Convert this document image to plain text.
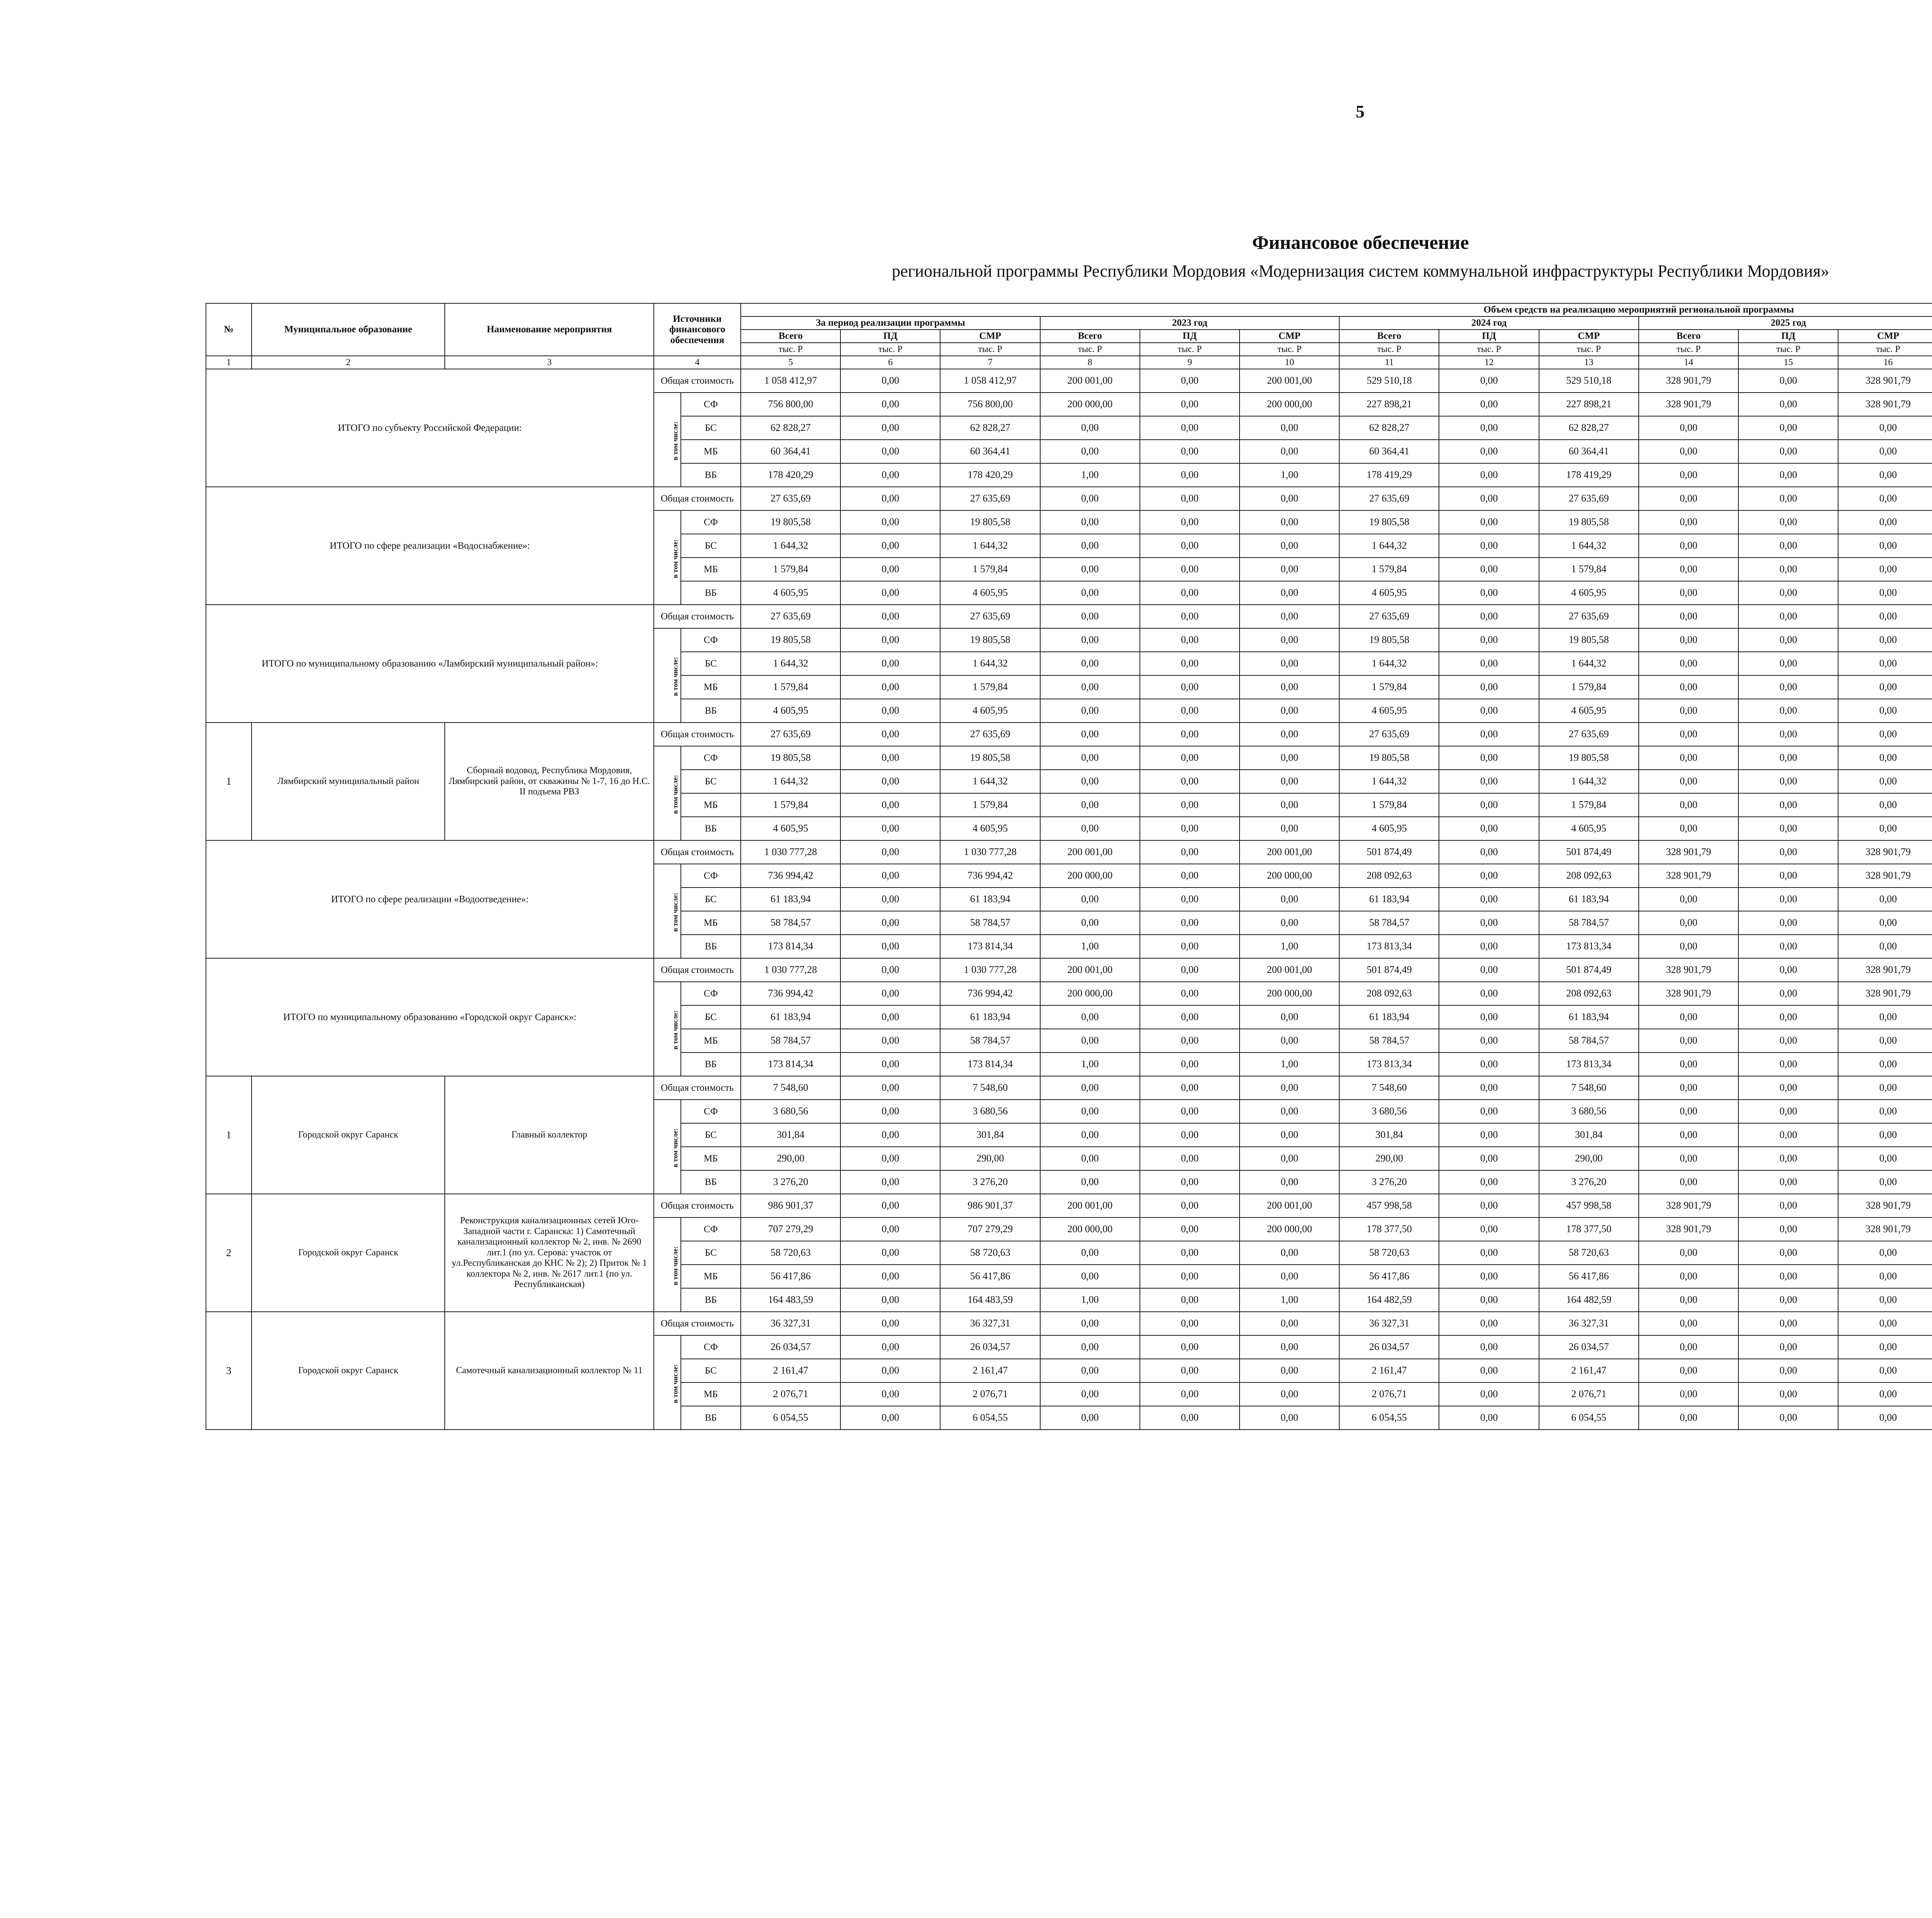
5
Финансовое обеспечение
региональной программы Республики Мордовия «Модернизация систем коммунальной инфраструктуры Республики Мордовия»
№	Муниципальное образование	Наименование мероприятия	Источники финансового обеспечения		Объем средств на реализацию мероприятий региональной программы																	
					За период реализации программы			2023 год			2024 год			2025 год		
					Всего	ПД	СМР	Всего	ПД	СМР	Всего	ПД	СМР	Всего	ПД	СМР						
					тыс. Р	тыс. Р	тыс. Р	тыс. Р	тыс. Р	тыс. Р	тыс. Р	тыс. Р	тыс. Р	тыс. Р	тыс. Р	тыс. Р						
1	2	3	4		5	6	7	8	9	10	11	12	13	14	15	16						
ИТОГО по субъекту Российской Федерации:			Общая стоимость		1 058 412,97	0,00	1 058 412,97	200 001,00	0,00	200 001,00	529 510,18	0,00	529 510,18	328 901,79	0,00	328 901,79						
			в том числе:	СФ	756 800,00	0,00	756 800,00	200 000,00	0,00	200 000,00	227 898,21	0,00	227 898,21	328 901,79	0,00	328 901,79						
				БС	62 828,27	0,00	62 828,27	0,00	0,00	0,00	62 828,27	0,00	62 828,27	0,00	0,00	0,00						
				МБ	60 364,41	0,00	60 364,41	0,00	0,00	0,00	60 364,41	0,00	60 364,41	0,00	0,00	0,00						
				ВБ	178 420,29	0,00	178 420,29	1,00	0,00	1,00	178 419,29	0,00	178 419,29	0,00	0,00	0,00						
ИТОГО по сфере реализации «Водоснабжение»:			Общая стоимость		27 635,69	0,00	27 635,69	0,00	0,00	0,00	27 635,69	0,00	27 635,69	0,00	0,00	0,00						
			в том числе:	СФ	19 805,58	0,00	19 805,58	0,00	0,00	0,00	19 805,58	0,00	19 805,58	0,00	0,00	0,00						
				БС	1 644,32	0,00	1 644,32	0,00	0,00	0,00	1 644,32	0,00	1 644,32	0,00	0,00	0,00						
				МБ	1 579,84	0,00	1 579,84	0,00	0,00	0,00	1 579,84	0,00	1 579,84	0,00	0,00	0,00						
				ВБ	4 605,95	0,00	4 605,95	0,00	0,00	0,00	4 605,95	0,00	4 605,95	0,00	0,00	0,00						
ИТОГО по муниципальному образованию «Ламбирский муниципальный район»:			Общая стоимость		27 635,69	0,00	27 635,69	0,00	0,00	0,00	27 635,69	0,00	27 635,69	0,00	0,00	0,00						
			в том числе:	СФ	19 805,58	0,00	19 805,58	0,00	0,00	0,00	19 805,58	0,00	19 805,58	0,00	0,00	0,00						
				БС	1 644,32	0,00	1 644,32	0,00	0,00	0,00	1 644,32	0,00	1 644,32	0,00	0,00	0,00						
				МБ	1 579,84	0,00	1 579,84	0,00	0,00	0,00	1 579,84	0,00	1 579,84	0,00	0,00	0,00						
				ВБ	4 605,95	0,00	4 605,95	0,00	0,00	0,00	4 605,95	0,00	4 605,95	0,00	0,00	0,00						
1	Лямбирский муниципальный район	Сборный водовод, Республика Мордовия, Лямбирский район, от скважины № 1-7, 16 до Н.С. II подъема РВЗ	Общая стоимость		27 635,69	0,00	27 635,69	0,00	0,00	0,00	27 635,69	0,00	27 635,69	0,00	0,00	0,00						
			в том числе:	СФ	19 805,58	0,00	19 805,58	0,00	0,00	0,00	19 805,58	0,00	19 805,58	0,00	0,00	0,00						
				БС	1 644,32	0,00	1 644,32	0,00	0,00	0,00	1 644,32	0,00	1 644,32	0,00	0,00	0,00						
				МБ	1 579,84	0,00	1 579,84	0,00	0,00	0,00	1 579,84	0,00	1 579,84	0,00	0,00	0,00						
				ВБ	4 605,95	0,00	4 605,95	0,00	0,00	0,00	4 605,95	0,00	4 605,95	0,00	0,00	0,00						
ИТОГО по сфере реализации «Водоотведение»:			Общая стоимость		1 030 777,28	0,00	1 030 777,28	200 001,00	0,00	200 001,00	501 874,49	0,00	501 874,49	328 901,79	0,00	328 901,79						
			в том числе:	СФ	736 994,42	0,00	736 994,42	200 000,00	0,00	200 000,00	208 092,63	0,00	208 092,63	328 901,79	0,00	328 901,79						
				БС	61 183,94	0,00	61 183,94	0,00	0,00	0,00	61 183,94	0,00	61 183,94	0,00	0,00	0,00						
				МБ	58 784,57	0,00	58 784,57	0,00	0,00	0,00	58 784,57	0,00	58 784,57	0,00	0,00	0,00						
				ВБ	173 814,34	0,00	173 814,34	1,00	0,00	1,00	173 813,34	0,00	173 813,34	0,00	0,00	0,00						
ИТОГО по муниципальному образованию «Городской округ Саранск»:			Общая стоимость		1 030 777,28	0,00	1 030 777,28	200 001,00	0,00	200 001,00	501 874,49	0,00	501 874,49	328 901,79	0,00	328 901,79						
			в том числе:	СФ	736 994,42	0,00	736 994,42	200 000,00	0,00	200 000,00	208 092,63	0,00	208 092,63	328 901,79	0,00	328 901,79						
				БС	61 183,94	0,00	61 183,94	0,00	0,00	0,00	61 183,94	0,00	61 183,94	0,00	0,00	0,00						
				МБ	58 784,57	0,00	58 784,57	0,00	0,00	0,00	58 784,57	0,00	58 784,57	0,00	0,00	0,00						
				ВБ	173 814,34	0,00	173 814,34	1,00	0,00	1,00	173 813,34	0,00	173 813,34	0,00	0,00	0,00						
1	Городской округ Саранск	Главный коллектор	Общая стоимость		7 548,60	0,00	7 548,60	0,00	0,00	0,00	7 548,60	0,00	7 548,60	0,00	0,00	0,00						
			в том числе:	СФ	3 680,56	0,00	3 680,56	0,00	0,00	0,00	3 680,56	0,00	3 680,56	0,00	0,00	0,00						
				БС	301,84	0,00	301,84	0,00	0,00	0,00	301,84	0,00	301,84	0,00	0,00	0,00						
				МБ	290,00	0,00	290,00	0,00	0,00	0,00	290,00	0,00	290,00	0,00	0,00	0,00						
				ВБ	3 276,20	0,00	3 276,20	0,00	0,00	0,00	3 276,20	0,00	3 276,20	0,00	0,00	0,00						
2	Городской округ Саранск	Реконструкция канализационных сетей Юго-Западной части г. Саранска: 1) Самотечный канализационный коллектор № 2, инв. № 2690 лит.1 (по ул. Серова: участок от ул.Республиканская до КНС № 2); 2) Приток № 1 коллектора № 2, инв. № 2617 лит.1 (по ул. Республиканская)	Общая стоимость		986 901,37	0,00	986 901,37	200 001,00	0,00	200 001,00	457 998,58	0,00	457 998,58	328 901,79	0,00	328 901,79						
			в том числе:	СФ	707 279,29	0,00	707 279,29	200 000,00	0,00	200 000,00	178 377,50	0,00	178 377,50	328 901,79	0,00	328 901,79						
				БС	58 720,63	0,00	58 720,63	0,00	0,00	0,00	58 720,63	0,00	58 720,63	0,00	0,00	0,00						
				МБ	56 417,86	0,00	56 417,86	0,00	0,00	0,00	56 417,86	0,00	56 417,86	0,00	0,00	0,00						
				ВБ	164 483,59	0,00	164 483,59	1,00	0,00	1,00	164 482,59	0,00	164 482,59	0,00	0,00	0,00						
3	Городской округ Саранск	Самотечный канализационный коллектор № 11	Общая стоимость		36 327,31	0,00	36 327,31	0,00	0,00	0,00	36 327,31	0,00	36 327,31	0,00	0,00	0,00						
			в том числе:	СФ	26 034,57	0,00	26 034,57	0,00	0,00	0,00	26 034,57	0,00	26 034,57	0,00	0,00	0,00						
				БС	2 161,47	0,00	2 161,47	0,00	0,00	0,00	2 161,47	0,00	2 161,47	0,00	0,00	0,00						
				МБ	2 076,71	0,00	2 076,71	0,00	0,00	0,00	2 076,71	0,00	2 076,71	0,00	0,00	0,00						
				ВБ	6 054,55	0,00	6 054,55	0,00	0,00	0,00	6 054,55	0,00	6 054,55	0,00	0,00	0,00						
